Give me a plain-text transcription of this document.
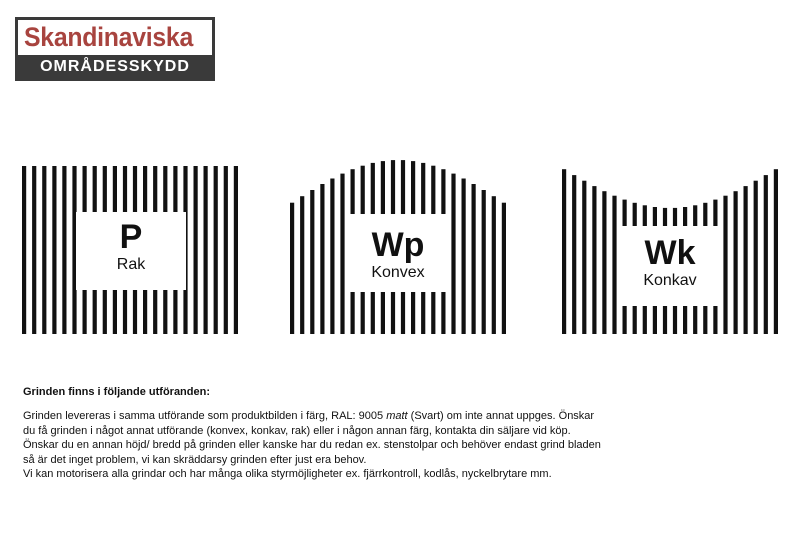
Skandinaviska
OMRÅDESSKYDD
P
Rak
Wp
Konvex
Wk
Konkav
Grinden finns i följande utföranden:
Grinden levereras i samma utförande som produktbilden i färg, RAL: 9005 matt (Svart) om inte annat uppges. Önskar
du få grinden i något annat utförande (konvex, konkav, rak) eller i någon annan färg, kontakta din säljare vid köp.
Önskar du en annan höjd/ bredd på grinden eller kanske har du redan ex. stenstolpar och behöver endast grind bladen
så är det inget problem, vi kan skräddarsy grinden efter just era behov.
Vi kan motorisera alla grindar och har många olika styrmöjligheter ex. fjärrkontroll, kodlås, nyckelbrytare mm.
